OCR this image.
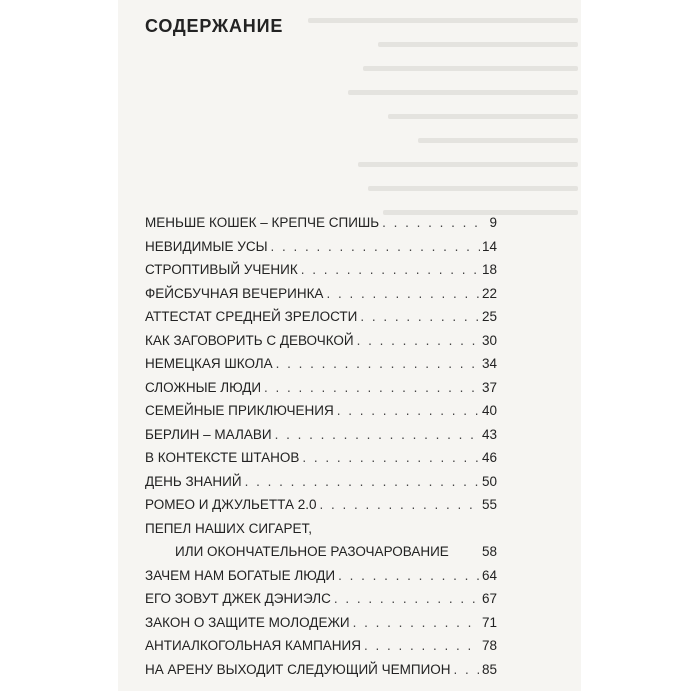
СОДЕРЖАНИЕ
МЕНЬШЕ КОШЕК – КРЕПЧЕ СПИШЬ . . .	9
НЕВИДИМЫЕ УСЫ . . .	14
СТРОПТИВЫЙ УЧЕНИК . . .	18
ФЕЙСБУЧНАЯ ВЕЧЕРИНКА . . .	22
АТТЕСТАТ СРЕДНЕЙ ЗРЕЛОСТИ . . .	25
КАК ЗАГОВОРИТЬ С ДЕВОЧКОЙ . . .	30
НЕМЕЦКАЯ ШКОЛА . . .	34
СЛОЖНЫЕ ЛЮДИ . . .	37
СЕМЕЙНЫЕ ПРИКЛЮЧЕНИЯ . . .	40
БЕРЛИН – МАЛАВИ . . .	43
В КОНТЕКСТЕ ШТАНОВ . . .	46
ДЕНЬ ЗНАНИЙ . . .	50
РОМЕО И ДЖУЛЬЕТТА 2.0 . . .	55
ПЕПЕЛ НАШИХ СИГАРЕТ,
ИЛИ ОКОНЧАТЕЛЬНОЕ РАЗОЧАРОВАНИЕ 58
ЗАЧЕМ НАМ БОГАТЫЕ ЛЮДИ . . .	64
ЕГО ЗОВУТ ДЖЕК ДЭНИЭЛС . . .	67
ЗАКОН О ЗАЩИТЕ МОЛОДЕЖИ . . .	71
АНТИАЛКОГОЛЬНАЯ КАМПАНИЯ . . .	78
НА АРЕНУ ВЫХОДИТ СЛЕДУЮЩИЙ ЧЕМПИОН . . . 85
